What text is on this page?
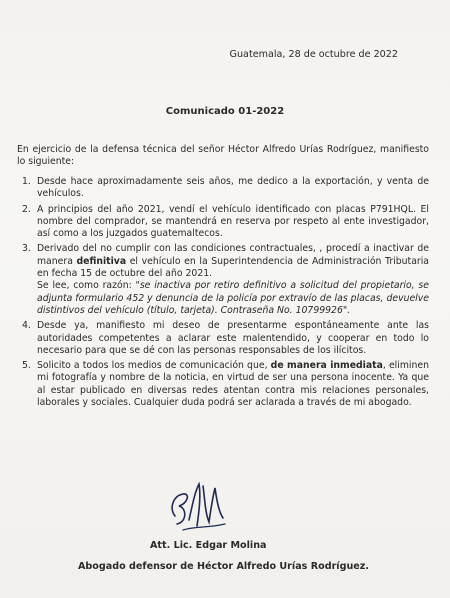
Guatemala, 28 de octubre de 2022
Comunicado 01-2022
En ejercicio de la defensa técnica del señor Héctor Alfredo Urías Rodríguez, manifiesto lo siguiente:
1. Desde hace aproximadamente seis años, me dedico a la exportación, y venta de vehículos.

2. A principios del año 2021, vendí el vehículo identificado con placas P791HQL. El nombre del comprador, se mantendrá en reserva por respeto al ente investigador, así como a los juzgados guatemaltecos.

3. Derivado del no cumplir con las condiciones contractuales, , procedí a inactivar de manera definitiva el vehículo en la Superintendencia de Administración Tributaria en fecha 15 de octubre del año 2021.

Se lee, como razón: "se inactiva por retiro definitivo a solicitud del propietario, se adjunta formulario 452 y denuncia de la policía por extravío de las placas, devuelve distintivos del vehículo (título, tarjeta). Contraseña No. 10799926".

4. Desde ya, manifiesto mi deseo de presentarme espontáneamente ante las autoridades competentes a aclarar este malentendido, y cooperar en todo lo necesario para que se dé con las personas responsables de los ilícitos.

5. Solicito a todos los medios de comunicación que, de manera inmediata, eliminen mi fotografía y nombre de la noticia, en virtud de ser una persona inocente. Ya que al estar publicado en diversas redes atentan contra mis relaciones personales, laborales y sociales. Cualquier duda podrá ser aclarada a través de mi abogado.

Att. Lic. Edgar Molina
Abogado defensor de Héctor Alfredo Urías Rodríguez.
